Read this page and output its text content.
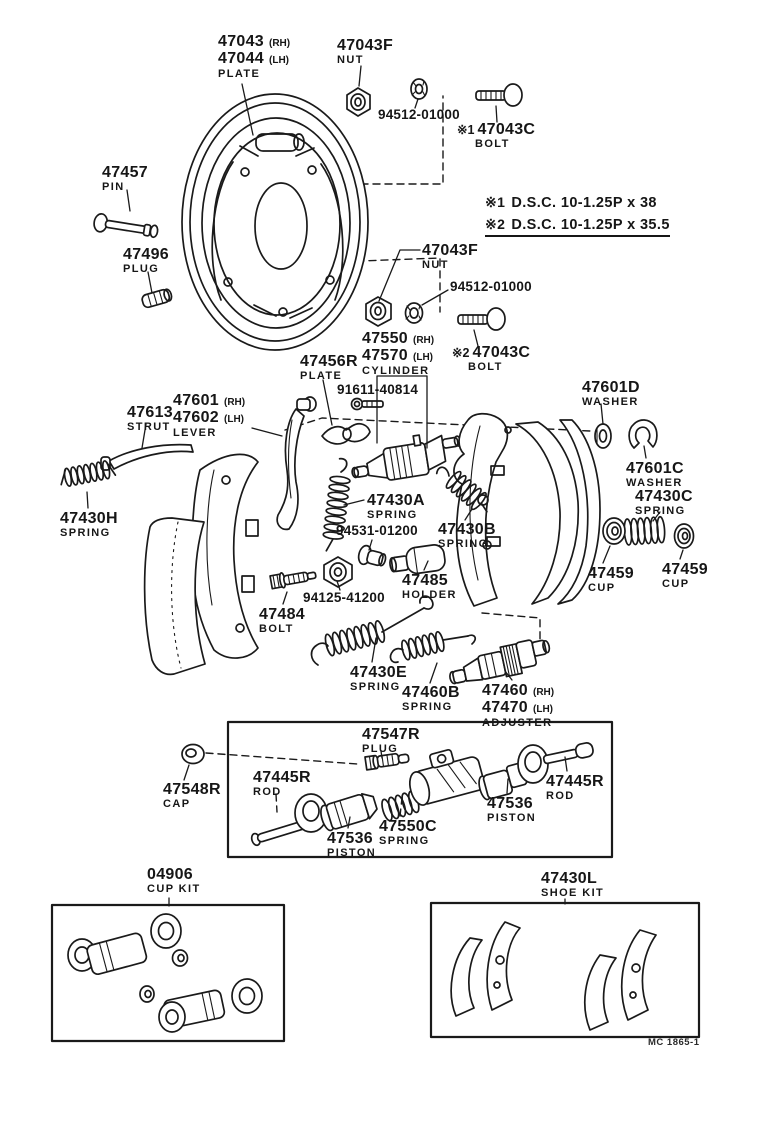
47043 (RH)
47044 (LH)
PLATE
47043F
NUT
94512-01000
※1 47043C
BOLT
47457
PIN
47496
PLUG
※1 D.S.C. 10-1.25P x 38
※2 D.S.C. 10-1.25P x 35.5
47043F
NUT
94512-01000
47550 (RH)
47570 (LH)
CYLINDER
※2 47043C
BOLT
47456R
PLATE
91611-40814	47601D
WASHER
47601 (RH)
47602 (LH)
LEVER
47613
STRUT
47601C
WASHER
47430C
SPRING
47430H
SPRING
47430A
SPRING
47430B
SPRING
94531-01200
47485
HOLDER
94125-41200
47484
BOLT
47459
CUP
47459
CUP
47430E
SPRING 47460B
SPRING
47460 (RH)
47470 (LH)
ADJUSTER
47547R
PLUG
47548R
CAP
47445R
ROD
47536
PISTON
47550C
SPRING
47536
PISTON
47445R
ROD
04906
CUP KIT
47430L
SHOE KIT
MC 1865-1
